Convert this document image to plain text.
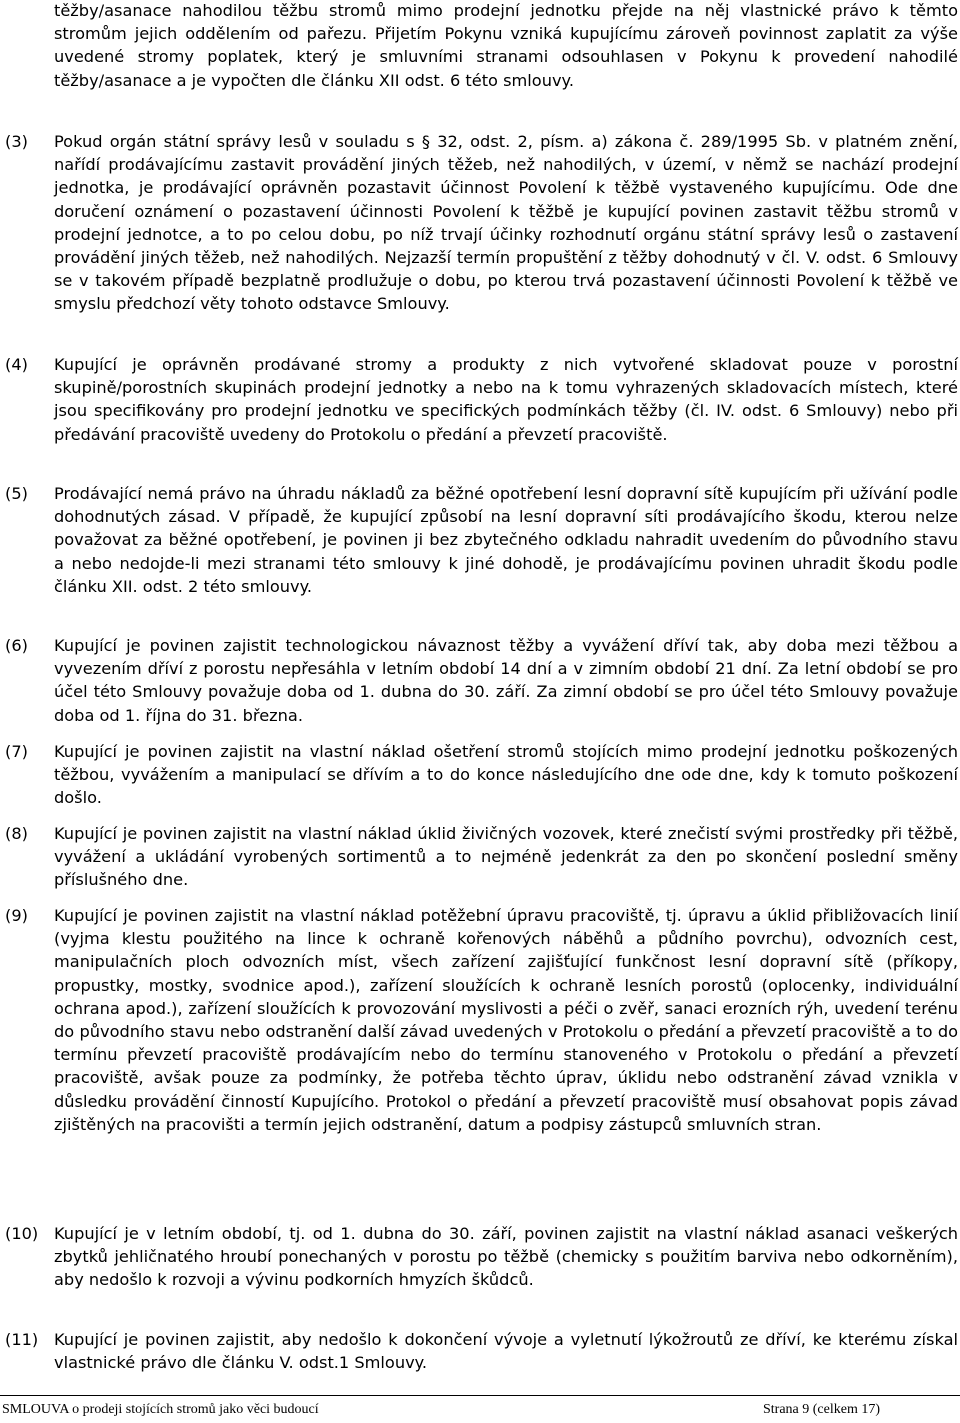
těžby/asanace nahodilou těžbu stromů mimo prodejní jednotku přejde na něj vlastnické právo k těmto stromům jejich oddělením od pařezu. Přijetím Pokynu vzniká kupujícímu zároveň povinnost zaplatit za výše uvedené stromy poplatek, který je smluvními stranami odsouhlasen v Pokynu k provedení nahodilé těžby/asanace a je vypočten dle článku XII odst. 6 této smlouvy.
(3) Pokud orgán státní správy lesů v souladu s § 32, odst. 2, písm. a) zákona č. 289/1995 Sb. v platném znění, nařídí prodávajícímu zastavit provádění jiných těžeb, než nahodilých, v území, v němž se nachází prodejní jednotka, je prodávající oprávněn pozastavit účinnost Povolení k těžbě vystaveného kupujícímu. Ode dne doručení oznámení o pozastavení účinnosti Povolení k těžbě je kupující povinen zastavit těžbu stromů v prodejní jednotce, a to po celou dobu, po níž trvají účinky rozhodnutí orgánu státní správy lesů o zastavení provádění jiných těžeb, než nahodilých. Nejzazší termín propuštění z těžby dohodnutý v čl. V. odst. 6 Smlouvy se v takovém případě bezplatně prodlužuje o dobu, po kterou trvá pozastavení účinnosti Povolení k těžbě ve smyslu předchozí věty tohoto odstavce Smlouvy.
(4) Kupující je oprávněn prodávané stromy a produkty z nich vytvořené skladovat pouze v porostní skupině/porostních skupinách prodejní jednotky a nebo na k tomu vyhrazených skladovacích místech, které jsou specifikovány pro prodejní jednotku ve specifických podmínkách těžby (čl. IV. odst. 6 Smlouvy) nebo při předávání pracoviště uvedeny do Protokolu o předání a převzetí pracoviště.
(5) Prodávající nemá právo na úhradu nákladů za běžné opotřebení lesní dopravní sítě kupujícím při užívání podle dohodnutých zásad. V případě, že kupující způsobí na lesní dopravní síti prodávajícího škodu, kterou nelze považovat za běžné opotřebení, je povinen ji bez zbytečného odkladu nahradit uvedením do původního stavu a nebo nedojde-li mezi stranami této smlouvy k jiné dohodě, je prodávajícímu povinen uhradit škodu podle článku XII. odst. 2 této smlouvy.
(6) Kupující je povinen zajistit technologickou návaznost těžby a vyvážení dříví tak, aby doba mezi těžbou a vyvezením dříví z porostu nepřesáhla v letním období 14 dní a v zimním období 21 dní. Za letní období se pro účel této Smlouvy považuje doba od 1. dubna do 30. září. Za zimní období se pro účel této Smlouvy považuje doba od 1. října do 31. března.
(7) Kupující je povinen zajistit na vlastní náklad ošetření stromů stojících mimo prodejní jednotku poškozených těžbou, vyvážením a manipulací se dřívím a to do konce následujícího dne ode dne, kdy k tomuto poškození došlo.
(8) Kupující je povinen zajistit na vlastní náklad úklid živičných vozovek, které znečistí svými prostředky při těžbě, vyvážení a ukládání vyrobených sortimentů a to nejméně jedenkrát za den po skončení poslední směny příslušného dne.
(9) Kupující je povinen zajistit na vlastní náklad potěžební úpravu pracoviště, tj. úpravu a úklid přibližovacích linií (vyjma klestu použitého na lince k ochraně kořenových náběhů a půdního povrchu), odvozních cest, manipulačních ploch odvozních míst, všech zařízení zajišťující funkčnost lesní dopravní sítě (příkopy, propustky, mostky, svodnice apod.), zařízení sloužících k ochraně lesních porostů (oplocenky, individuální ochrana apod.), zařízení sloužících k provozování myslivosti a péči o zvěř, sanaci erozních rýh, uvedení terénu do původního stavu nebo odstranění další závad uvedených v Protokolu o předání a převzetí pracoviště a to do termínu převzetí pracoviště prodávajícím nebo do termínu stanoveného v Protokolu o předání a převzetí pracoviště, avšak pouze za podmínky, že potřeba těchto úprav, úklidu nebo odstranění závad vznikla v důsledku provádění činností Kupujícího. Protokol o předání a převzetí pracoviště musí obsahovat popis závad zjištěných na pracovišti a termín jejich odstranění, datum a podpisy zástupců smluvních stran.
(10) Kupující je v letním období, tj. od 1. dubna do 30. září, povinen zajistit na vlastní náklad asanaci veškerých zbytků jehličnatého hroubí ponechaných v porostu po těžbě (chemicky s použitím barviva nebo odkorněním), aby nedošlo k rozvoji a vývinu podkorních hmyzích škůdců.
(11) Kupující je povinen zajistit, aby nedošlo k dokončení vývoje a vyletnutí lýkožroutů ze dříví, ke kterému získal vlastnické právo dle článku V. odst.1 Smlouvy.
SMLOUVA o prodeji stojících stromů jako věci budoucí	Strana 9 (celkem 17)
